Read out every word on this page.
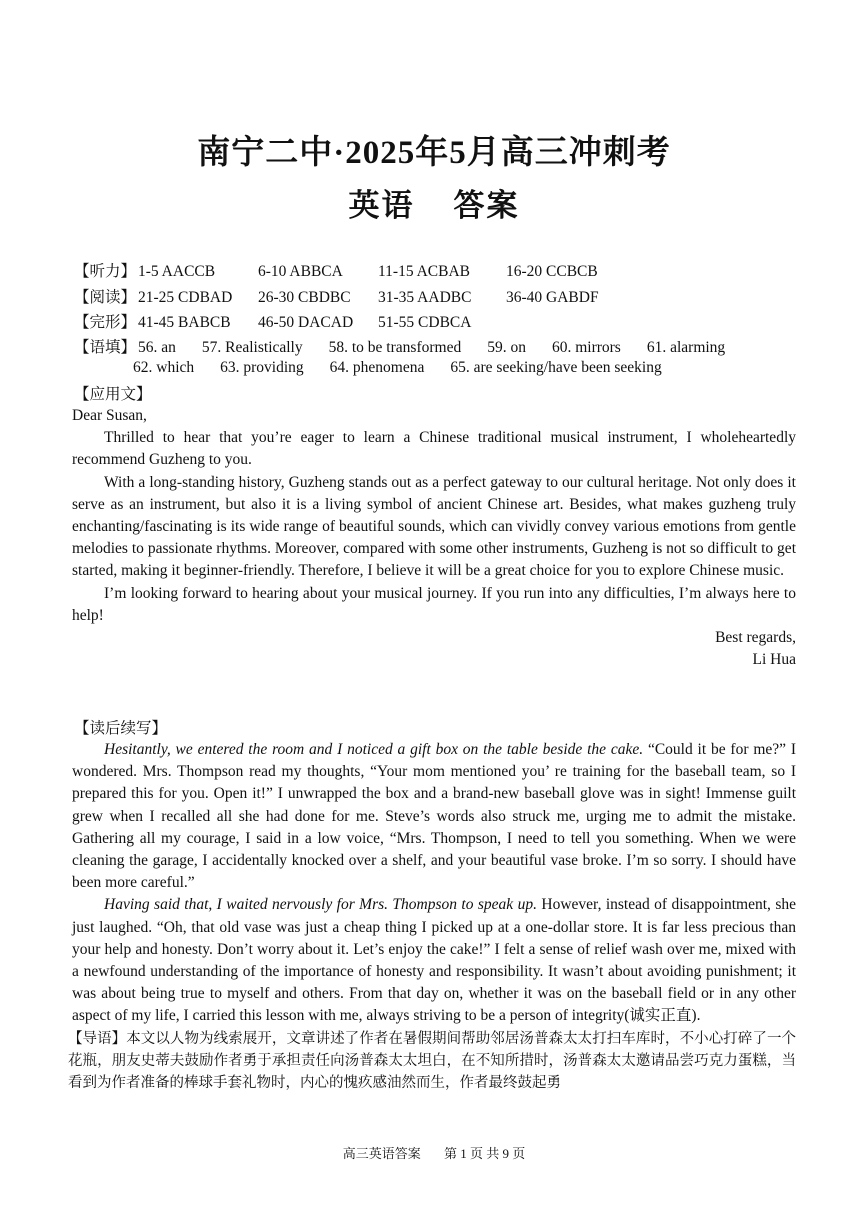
南宁二中·2025年5月高三冲刺考
英语    答案
【听力】 1-5 AACCB	6-10 ABBCA 11-15 ACBAB 16-20 CCBCB
【阅读】 21-25 CDBAD 26-30 CBDBC 31-35 AADBC 36-40 GABDF
【完形】 41-45 BABCB 46-50 DACAD 51-55 CDBCA
【语填】 56. an 57. Realistically 58. to be transformed 59. on 60. mirrors 61. alarming
62. which 63. providing 64. phenomena 65. are seeking/have been seeking
【应用文】

Dear Susan,

Thrilled to hear that you’re eager to learn a Chinese traditional musical instrument, I wholeheartedly recommend Guzheng to you.

With a long-standing history, Guzheng stands out as a perfect gateway to our cultural heritage. Not only does it serve as an instrument, but also it is a living symbol of ancient Chinese art. Besides, what makes guzheng truly enchanting/fascinating is its wide range of beautiful sounds, which can vividly convey various emotions from gentle melodies to passionate rhythms. Moreover, compared with some other instruments, Guzheng is not so difficult to get started, making it beginner-friendly. Therefore, I believe it will be a great choice for you to explore Chinese music.

I’m looking forward to hearing about your musical journey. If you run into any difficulties, I’m always here to help!

Best regards,

Li Hua

【读后续写】

Hesitantly, we entered the room and I noticed a gift box on the table beside the cake. “Could it be for me?” I wondered. Mrs. Thompson read my thoughts, “Your mom mentioned you’ re training for the baseball team, so I prepared this for you. Open it!” I unwrapped the box and a brand-new baseball glove was in sight! Immense guilt grew when I recalled all she had done for me. Steve’s words also struck me, urging me to admit the mistake. Gathering all my courage, I said in a low voice, “Mrs. Thompson, I need to tell you something. When we were cleaning the garage, I accidentally knocked over a shelf, and your beautiful vase broke. I’m so sorry. I should have been more careful.”

Having said that, I waited nervously for Mrs. Thompson to speak up. However, instead of disappointment, she just laughed. “Oh, that old vase was just a cheap thing I picked up at a one-dollar store. It is far less precious than your help and honesty. Don’t worry about it. Let’s enjoy the cake!” I felt a sense of relief wash over me, mixed with a newfound understanding of the importance of honesty and responsibility. It wasn’t about avoiding punishment; it was about being true to myself and others. From that day on, whether it was on the baseball field or in any other aspect of my life, I carried this lesson with me, always striving to be a person of integrity(诚实正直).

【导语】本文以人物为线索展开，文章讲述了作者在暑假期间帮助邻居汤普森太太打扫车库时，不小心打碎了一个花瓶，朋友史蒂夫鼓励作者勇于承担责任向汤普森太太坦白，在不知所措时，汤普森太太邀请品尝巧克力蛋糕，当看到为作者准备的棒球手套礼物时，内心的愧疚感油然而生，作者最终鼓起勇

高三英语答案 第 1 页 共 9 页
